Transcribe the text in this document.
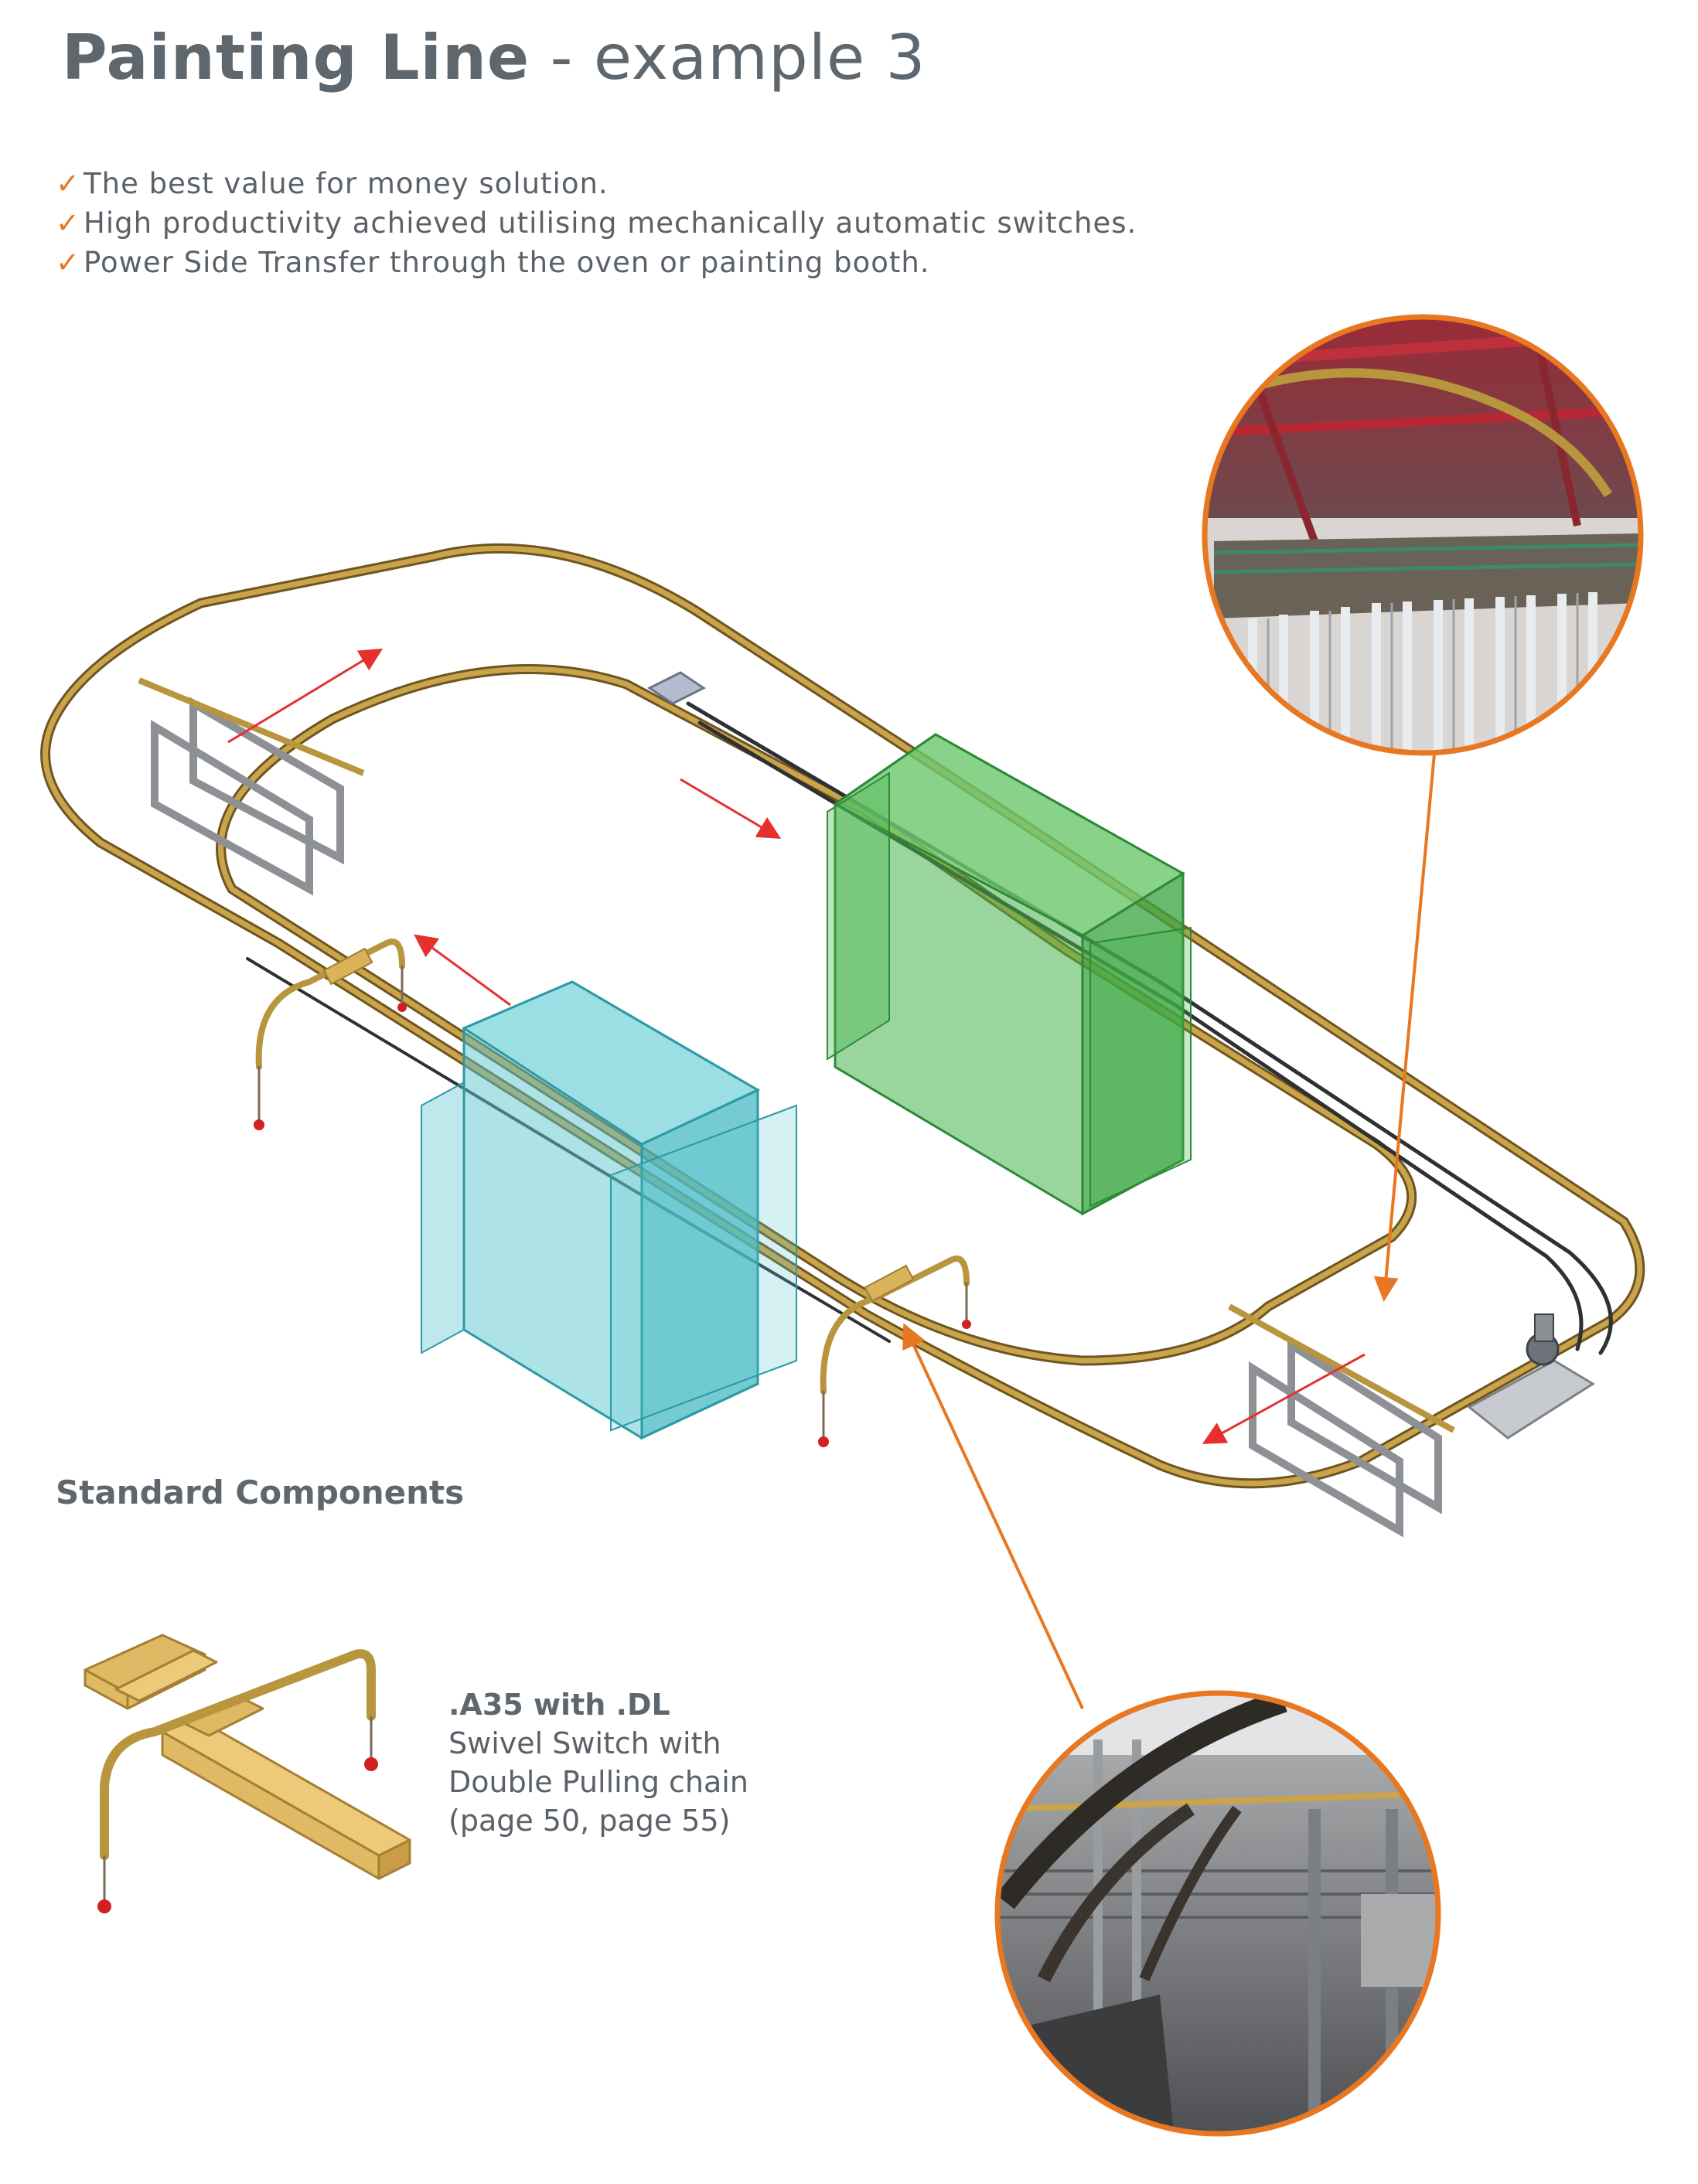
Painting Line - example 3
✓ The best value for money solution.
✓ High productivity achieved utilising mechanically automatic switches.
✓ Power Side Transfer through the oven or painting booth.
Standard Components
.A35 with .DL
Swivel Switch with
Double Pulling chain
(page 50, page 55)
